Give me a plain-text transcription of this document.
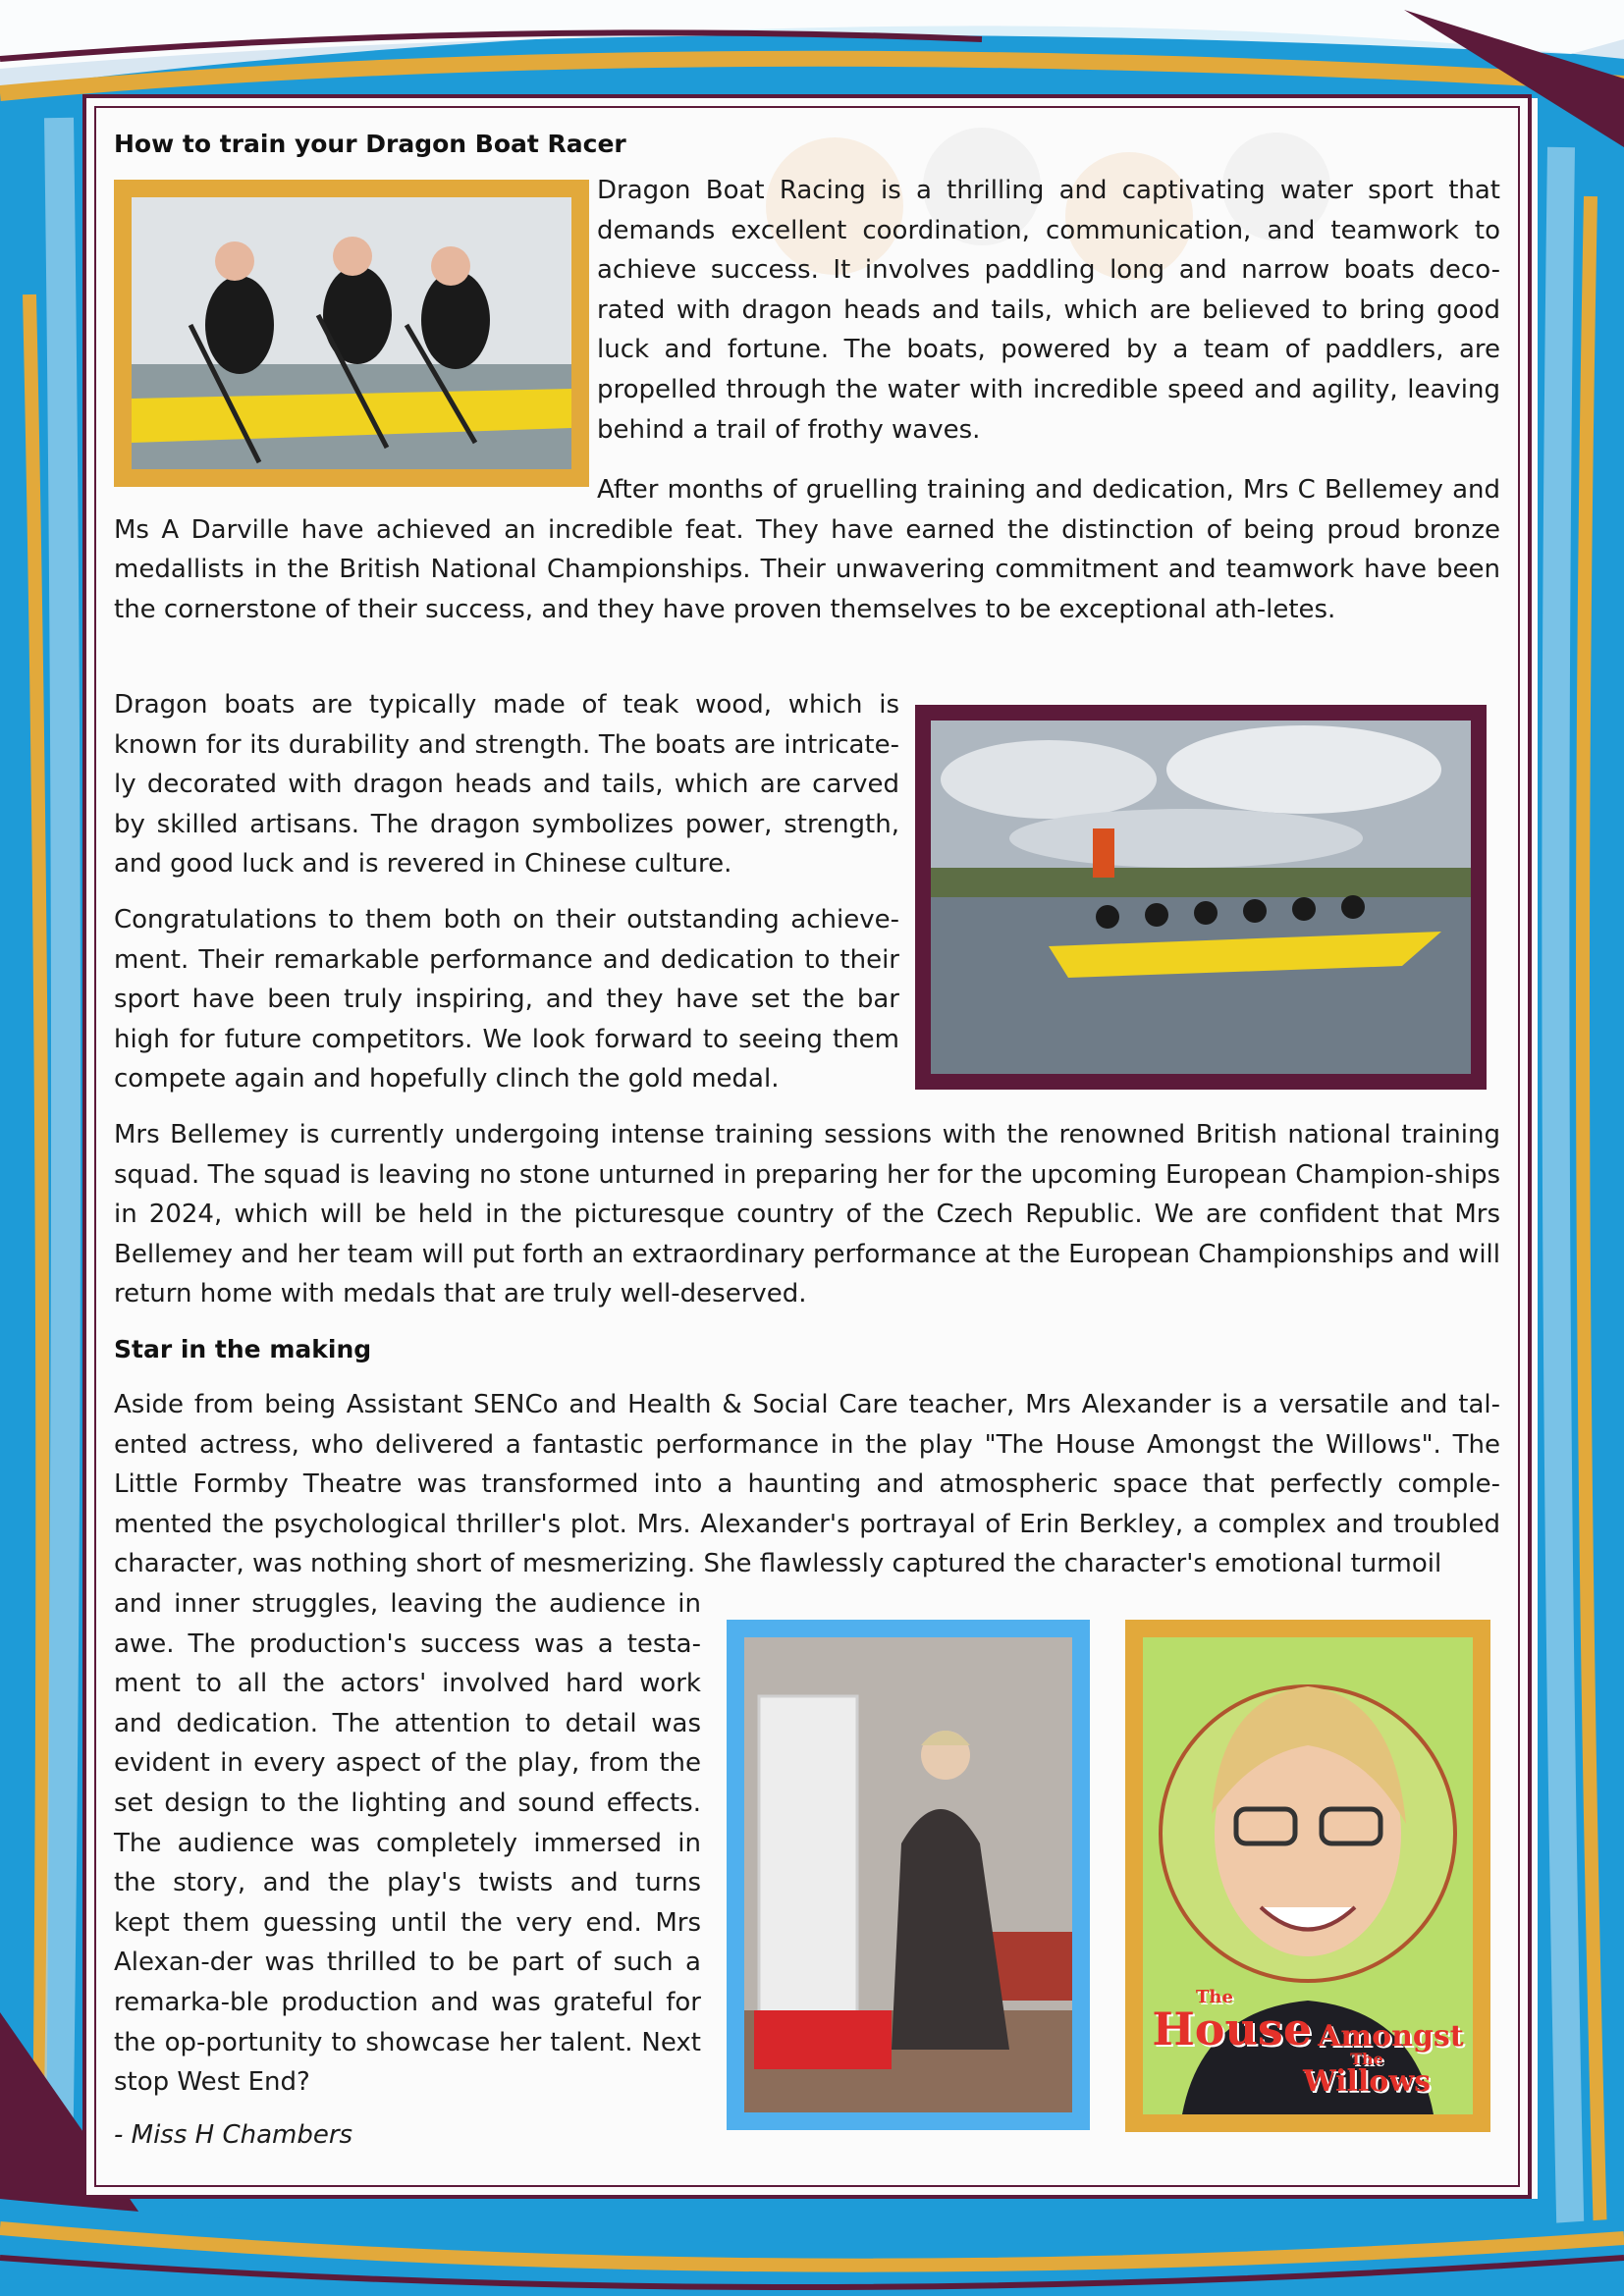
How to train your Dragon Boat Racer
Dragon Boat Racing is a thrilling and captivating water sport that demands excellent coordination, communication, and teamwork to achieve success. It involves paddling long and narrow boats deco-rated with dragon heads and tails, which are believed to bring good luck and fortune. The boats, powered by a team of paddlers, are propelled through the water with incredible speed and agility, leaving behind a trail of frothy waves.
After months of gruelling training and dedication, Mrs C Bellemey and Ms A Darville have achieved an incredible feat. They have earned the distinction of being proud bronze medallists in the British National Championships. Their unwavering commitment and teamwork have been the cornerstone of their success, and they have proven themselves to be exceptional ath-letes.
Dragon boats are typically made of teak wood, which is known for its durability and strength. The boats are intricate-ly decorated with dragon heads and tails, which are carved by skilled artisans. The dragon symbolizes power, strength, and good luck and is revered in Chinese culture.
Congratulations to them both on their outstanding achieve-ment. Their remarkable performance and dedication to their sport have been truly inspiring, and they have set the bar high for future competitors. We look forward to seeing them compete again and hopefully clinch the gold medal.
Mrs Bellemey is currently undergoing intense training sessions with the renowned British national training squad. The squad is leaving no stone unturned in preparing her for the upcoming European Champion-ships in 2024, which will be held in the picturesque country of the Czech Republic. We are confident that Mrs Bellemey and her team will put forth an extraordinary performance at the European Championships and will return home with medals that are truly well-deserved.
Star in the making
Aside from being Assistant SENCo and Health & Social Care teacher, Mrs Alexander is a versatile and tal-ented actress, who delivered a fantastic performance in the play "The House Amongst the Willows". The Little Formby Theatre was transformed into a haunting and atmospheric space that perfectly comple-mented the psychological thriller's plot. Mrs. Alexander's portrayal of Erin Berkley, a complex and troubled character, was nothing short of mesmerizing. She flawlessly captured the character's emotional turmoil
and inner struggles, leaving the audience in awe. The production's success was a testa-ment to all the actors' involved hard work and dedication. The attention to detail was evident in every aspect of the play, from the set design to the lighting and sound effects. The audience was completely immersed in the story, and the play's twists and turns kept them guessing until the very end. Mrs Alexan-der was thrilled to be part of such a remarka-ble production and was grateful for the op-portunity to showcase her talent. Next stop West End?
- Miss H Chambers
The
House Amongst
The
Willows
